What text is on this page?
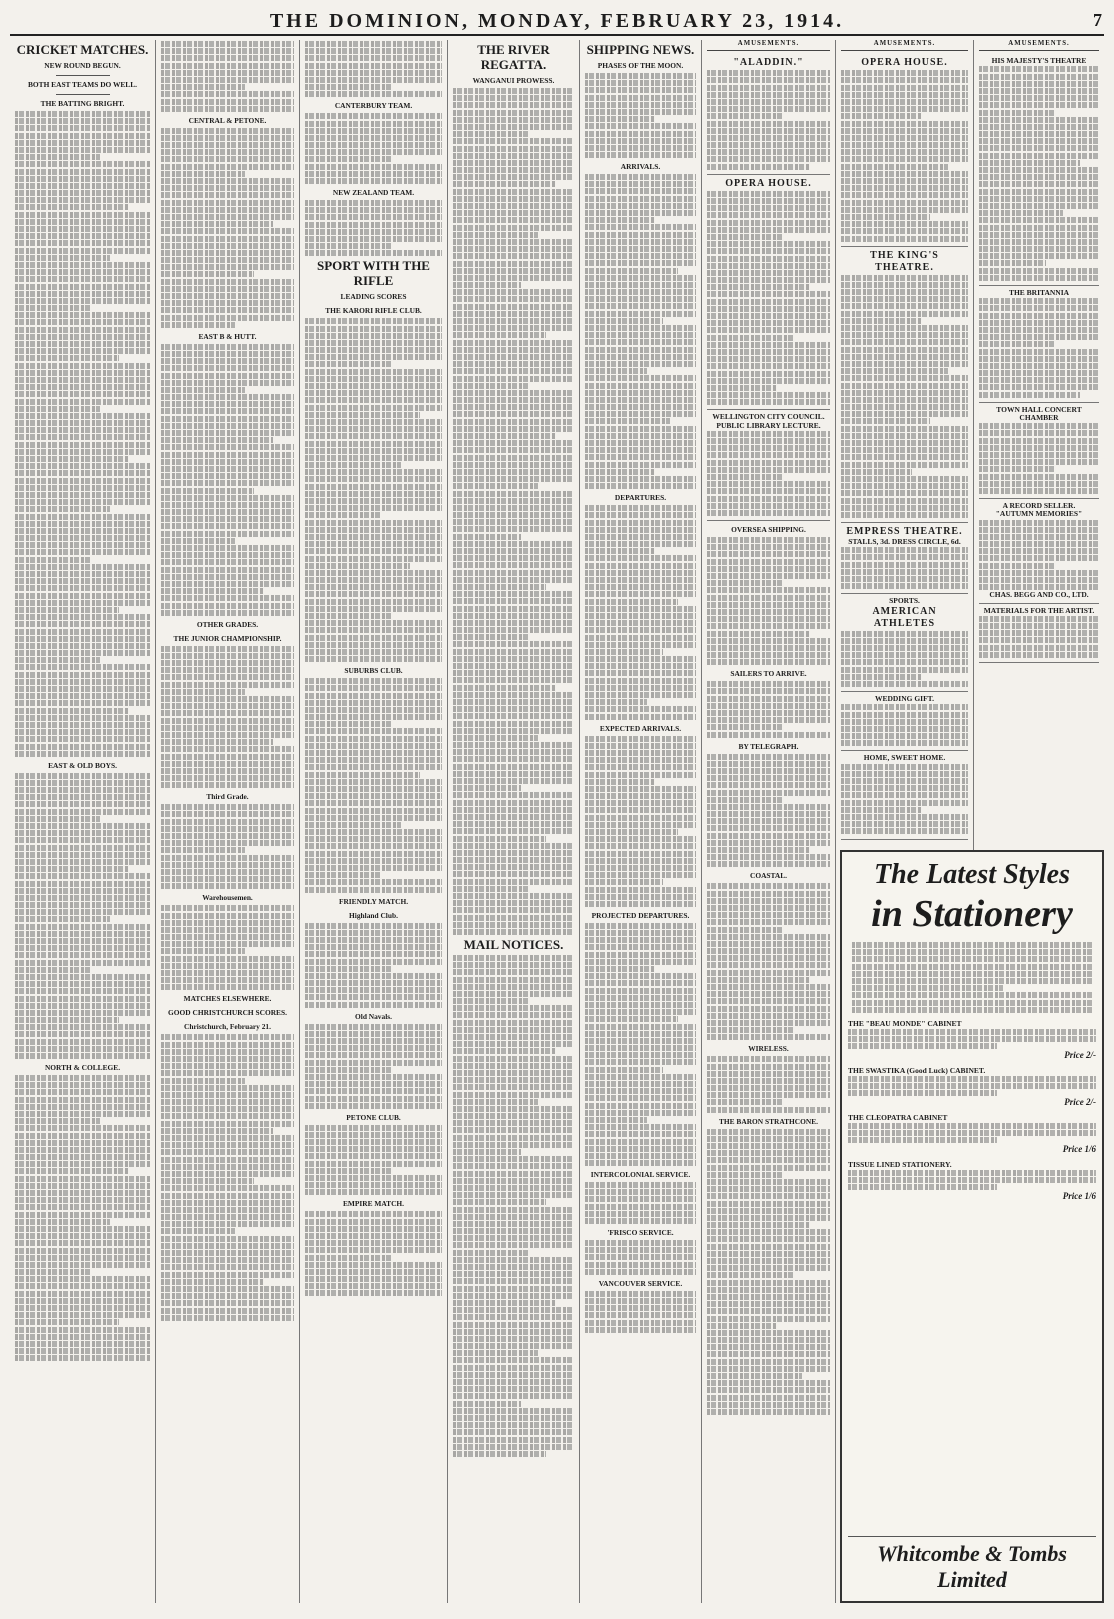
THE DOMINION, MONDAY, FEBRUARY 23, 1914.	7
CRICKET MATCHES.
NEW ROUND BEGUN.
BOTH EAST TEAMS DO WELL.
THE BATTING BRIGHT.
EAST & OLD BOYS.
NORTH & COLLEGE.
CENTRAL & PETONE.
EAST B & HUTT.
OTHER GRADES.
THE JUNIOR CHAMPIONSHIP.
Third Grade.
Warehousemen.
MATCHES ELSEWHERE.
GOOD CHRISTCHURCH SCORES.
Christchurch, February 21.
CANTERBURY TEAM.
NEW ZEALAND TEAM.
SPORT WITH THE RIFLE
LEADING SCORES
THE KARORI RIFLE CLUB.
SUBURBS CLUB.
FRIENDLY MATCH.
Highland Club.
Old Navals.
PETONE CLUB.
EMPIRE MATCH.
THE RIVER REGATTA.
WANGANUI PROWESS.
MAIL NOTICES.
SHIPPING NEWS.
PHASES OF THE MOON.
ARRIVALS.
DEPARTURES.
EXPECTED ARRIVALS.
PROJECTED DEPARTURES.
INTERCOLONIAL SERVICE.
'FRISCO SERVICE.
VANCOUVER SERVICE.
AMUSEMENTS.
"ALADDIN."
OPERA HOUSE.
WELLINGTON CITY COUNCIL.
PUBLIC LIBRARY LECTURE.
OVERSEA SHIPPING.
SAILERS TO ARRIVE.
BY TELEGRAPH.
COASTAL.
WIRELESS.
THE BARON STRATHCONE.
AMUSEMENTS.
OPERA HOUSE.
THE KING'S THEATRE.
EMPRESS THEATRE.
STALLS, 3d. DRESS CIRCLE, 6d.
SPORTS.
AMERICAN ATHLETES
WEDDING GIFT.
HOME, SWEET HOME.
AMUSEMENTS.
HIS MAJESTY'S THEATRE
THE BRITANNIA
TOWN HALL CONCERT CHAMBER
A RECORD SELLER.
"AUTUMN MEMORIES"
CHAS. BEGG AND CO., LTD.
MATERIALS FOR THE ARTIST.
The Latest Styles
in Stationery
THE "BEAU MONDE" CABINET
Price 2/-
THE SWASTIKA (Good Luck) CABINET.
Price 2/-
THE CLEOPATRA CABINET
Price 1/6
TISSUE LINED STATIONERY.
Price 1/6
Whitcombe & Tombs Limited
